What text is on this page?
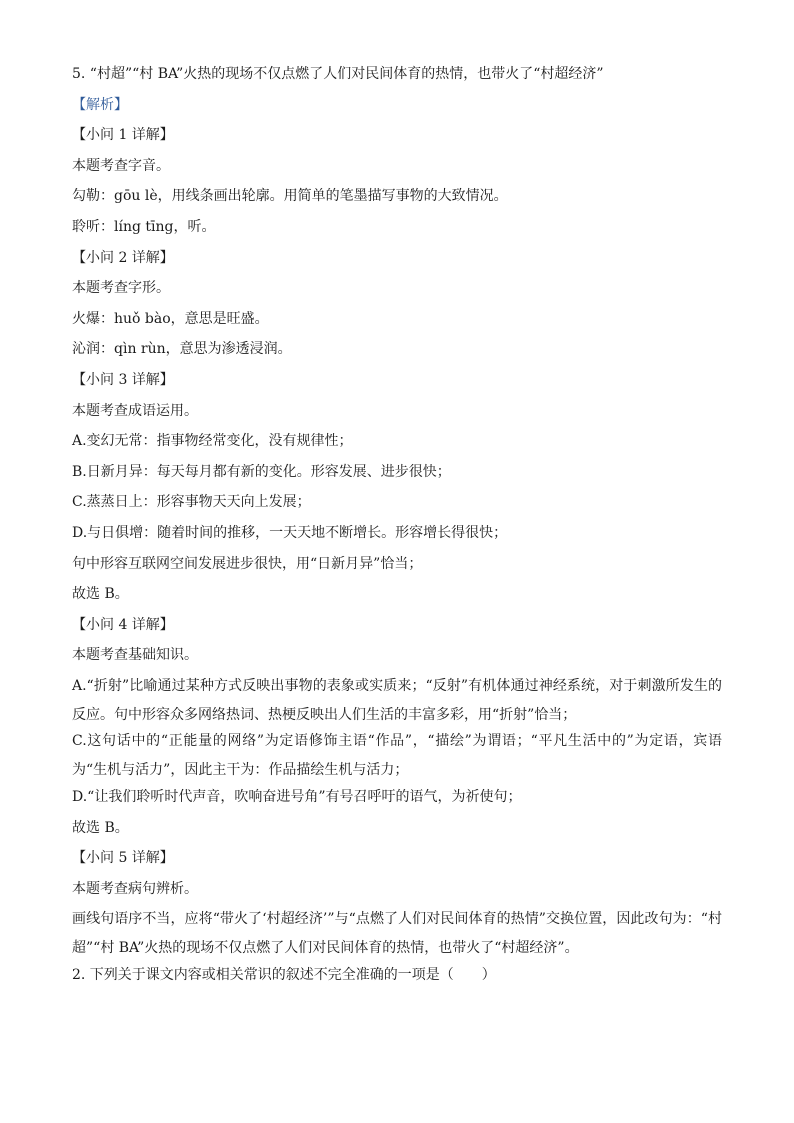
5. “村超”“村 BA”火热的现场不仅点燃了人们对民间体育的热情，也带火了“村超经济”

【解析】

【小问 1 详解】

本题考查字音。

勾勒：gōu lè，用线条画出轮廓。用简单的笔墨描写事物的大致情况。

聆听：líng tīng，听。

【小问 2 详解】

本题考查字形。

火爆：huǒ bào，意思是旺盛。

沁润：qìn rùn，意思为渗透浸润。

【小问 3 详解】

本题考查成语运用。

A.变幻无常：指事物经常变化，没有规律性；

B.日新月异：每天每月都有新的变化。形容发展、进步很快；

C.蒸蒸日上：形容事物天天向上发展；

D.与日俱增：随着时间的推移，一天天地不断增长。形容增长得很快；

句中形容互联网空间发展进步很快，用“日新月异”恰当；

故选 B。

【小问 4 详解】

本题考查基础知识。

A.“折射”比喻通过某种方式反映出事物的表象或实质来；“反射”有机体通过神经系统，对于刺激所发生的反应。句中形容众多网络热词、热梗反映出人们生活的丰富多彩，用“折射”恰当；

C.这句话中的“正能量的网络”为定语修饰主语“作品”，“描绘”为谓语；“平凡生活中的”为定语，宾语为“生机与活力”，因此主干为：作品描绘生机与活力；

D.“让我们聆听时代声音，吹响奋进号角”有号召呼吁的语气，为祈使句；

故选 B。

【小问 5 详解】

本题考查病句辨析。

画线句语序不当，应将“带火了‘村超经济’”与“点燃了人们对民间体育的热情”交换位置，因此改句为：“村超”“村 BA”火热的现场不仅点燃了人们对民间体育的热情，也带火了“村超经济”。

2. 下列关于课文内容或相关常识的叙述不完全准确的一项是（　　）
